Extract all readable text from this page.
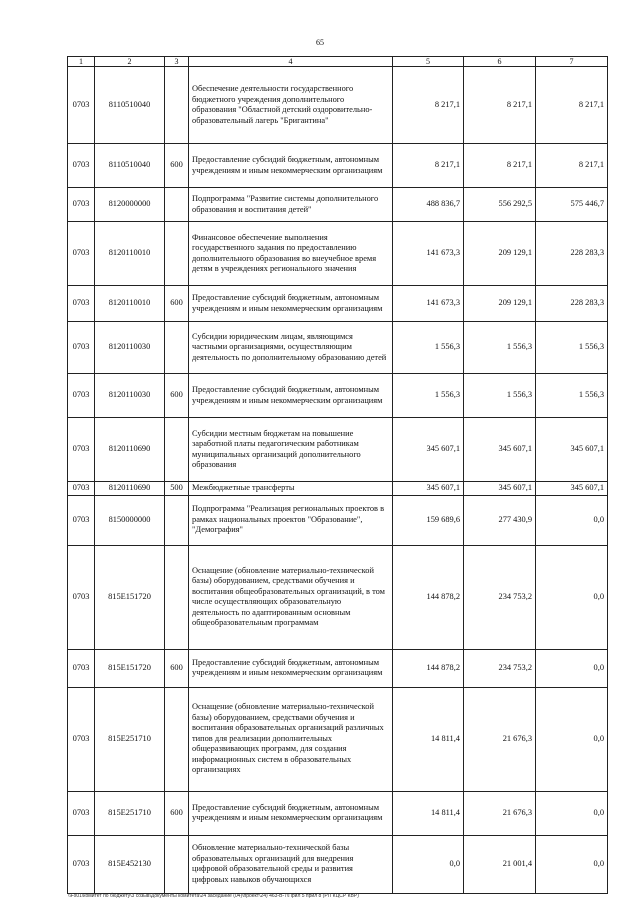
65
1	2	3	4	5	6	7
0703	8110510040		Обеспечение деятельности государственного бюджетного учреждения дополнительного образования "Областной детский оздоровительно-образовательный лагерь "Бригантина"	8 217,1	8 217,1	8 217,1
0703	8110510040	600	Предоставление субсидий бюджетным, автономным учреждениям и иным некоммерческим организациям	8 217,1	8 217,1	8 217,1
0703	8120000000		Подпрограмма "Развитие системы дополнительного образования и воспитания детей"	488 836,7	556 292,5	575 446,7
0703	8120110010		Финансовое обеспечение выполнения государственного задания по предоставлению дополнительного образования во внеучебное время детям в учреждениях регионального значения	141 673,3	209 129,1	228 283,3
0703	8120110010	600	Предоставление субсидий бюджетным, автономным учреждениям и иным некоммерческим организациям	141 673,3	209 129,1	228 283,3
0703	8120110030		Субсидии юридическим лицам, являющимся частными организациями, осуществляющим деятельность по дополнительному образованию детей	1 556,3	1 556,3	1 556,3
0703	8120110030	600	Предоставление субсидий бюджетным, автономным учреждениям и иным некоммерческим организациям	1 556,3	1 556,3	1 556,3
0703	8120110690		Субсидии местным бюджетам на повышение заработной платы педагогическим работникам муниципальных организаций дополнительного образования	345 607,1	345 607,1	345 607,1
0703	8120110690	500	Межбюджетные трансферты	345 607,1	345 607,1	345 607,1
0703	8150000000		Подпрограмма "Реализация региональных проектов в рамках национальных проектов "Образование", "Демография"	159 689,6	277 430,9	0,0
0703	815E151720		Оснащение (обновление материально-технической базы) оборудованием, средствами обучения и воспитания общеобразовательных организаций, в том числе осуществляющих образовательную деятельность по адаптированным основным общеобразовательным программам	144 878,2	234 753,2	0,0
0703	815E151720	600	Предоставление субсидий бюджетным, автономным учреждениям и иным некоммерческим организациям	144 878,2	234 753,2	0,0
0703	815E251710		Оснащение (обновление материально-технической базы) оборудованием, средствами обучения и воспитания образовательных организаций различных типов для реализации дополнительных общеразвивающих программ, для создания информационных систем в образовательных организациях	14 811,4	21 676,3	0,0
0703	815E251710	600	Предоставление субсидий бюджетным, автономным учреждениям и иным некоммерческим организациям	14 811,4	21 676,3	0,0
0703	815E452130		Обновление материально-технической базы образовательных организаций для внедрения цифровой образовательной среды и развития цифровых навыков обучающихся	0,0	21 001,4	0,0
\\Fs01\комитет по бюджету\3 созыв\Документы комитета\24 заседание (04)\проект\24) 463-В-7\Прил 5 прил 8 (РП КЦСР КВР)
